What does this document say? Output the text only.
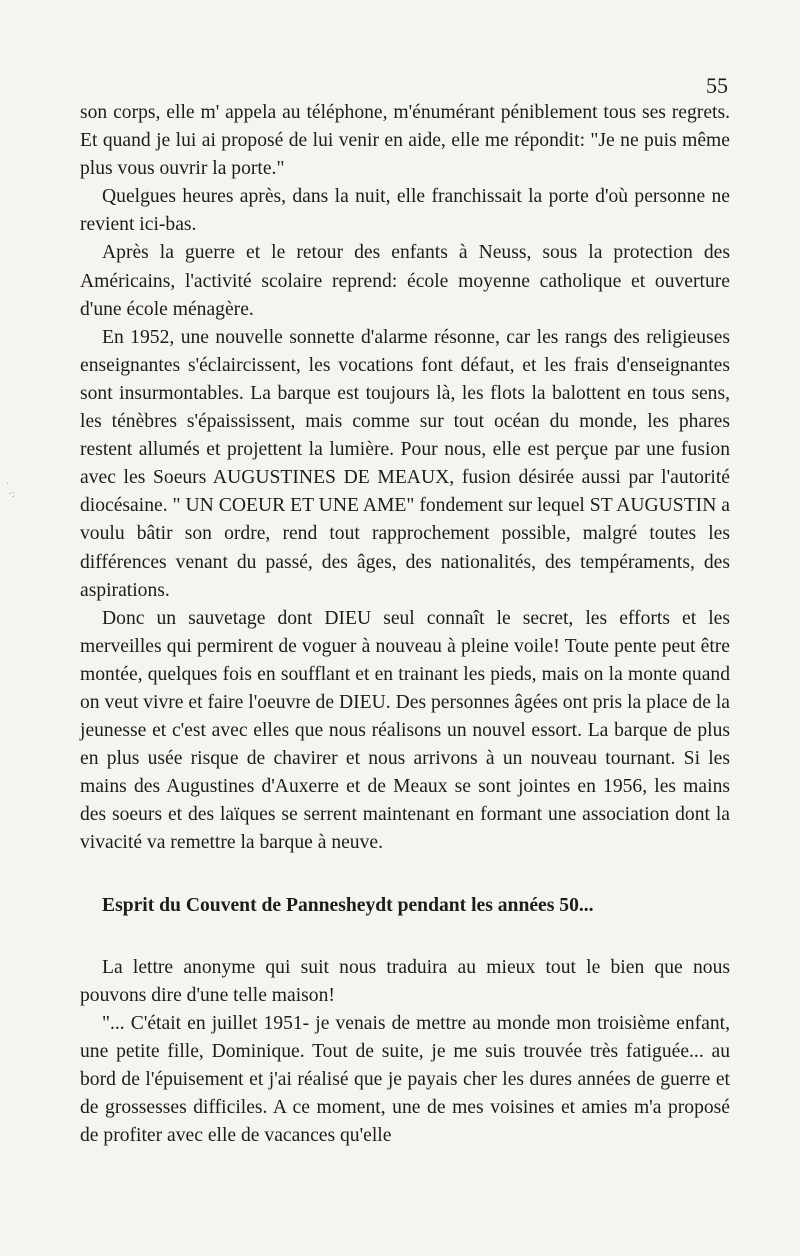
55
·
·:

son corps, elle m' appela au téléphone, m'énumérant péniblement tous ses regrets. Et quand je lui ai proposé de lui venir en aide, elle me répondit: "Je ne puis même plus vous ouvrir la porte."

Quelgues heures après, dans la nuit, elle franchissait la porte d'où personne ne revient ici-bas.

Après la guerre et le retour des enfants à Neuss, sous la protection des Américains, l'activité scolaire reprend: école moyenne catholique et ouverture d'une école ménagère.

En 1952, une nouvelle sonnette d'alarme résonne, car les rangs des religieuses enseignantes s'éclaircissent, les vocations font défaut, et les frais d'enseignantes sont insurmontables. La barque est toujours là, les flots la balottent en tous sens, les ténèbres s'épaississent, mais comme sur tout océan du monde, les phares restent allumés et projettent la lumière. Pour nous, elle est perçue par une fusion avec les Soeurs AUGUSTINES DE MEAUX, fusion désirée aussi par l'autorité diocésaine. " UN COEUR ET UNE AME" fondement sur lequel ST AUGUSTIN a voulu bâtir son ordre, rend tout rapprochement possible, malgré toutes les différences venant du passé, des âges, des nationalités, des tempéraments, des aspirations.

Donc un sauvetage dont DIEU seul connaît le secret, les efforts et les merveilles qui permirent de voguer à nouveau à pleine voile! Toute pente peut être montée, quelques fois en soufflant et en trainant les pieds, mais on la monte quand on veut vivre et faire l'oeuvre de DIEU. Des personnes âgées ont pris la place de la jeunesse et c'est avec elles que nous réalisons un nouvel essort. La barque de plus en plus usée risque de chavirer et nous arrivons à un nouveau tournant. Si les mains des Augustines d'Auxerre et de Meaux se sont jointes en 1956, les mains des soeurs et des laïques se serrent maintenant en formant une association dont la vivacité va remettre la barque à neuve.

Esprit du Couvent de Pannesheydt pendant les années 50...

La lettre anonyme qui suit nous traduira au mieux tout le bien que nous pouvons dire d'une telle maison!

"... C'était en juillet 1951- je venais de mettre au monde mon troisième enfant, une petite fille, Dominique. Tout de suite, je me suis trouvée très fatiguée... au bord de l'épuisement et j'ai réalisé que je payais cher les dures années de guerre et de grossesses difficiles. A ce moment, une de mes voisines et amies m'a proposé de profiter avec elle de vacances qu'elle
